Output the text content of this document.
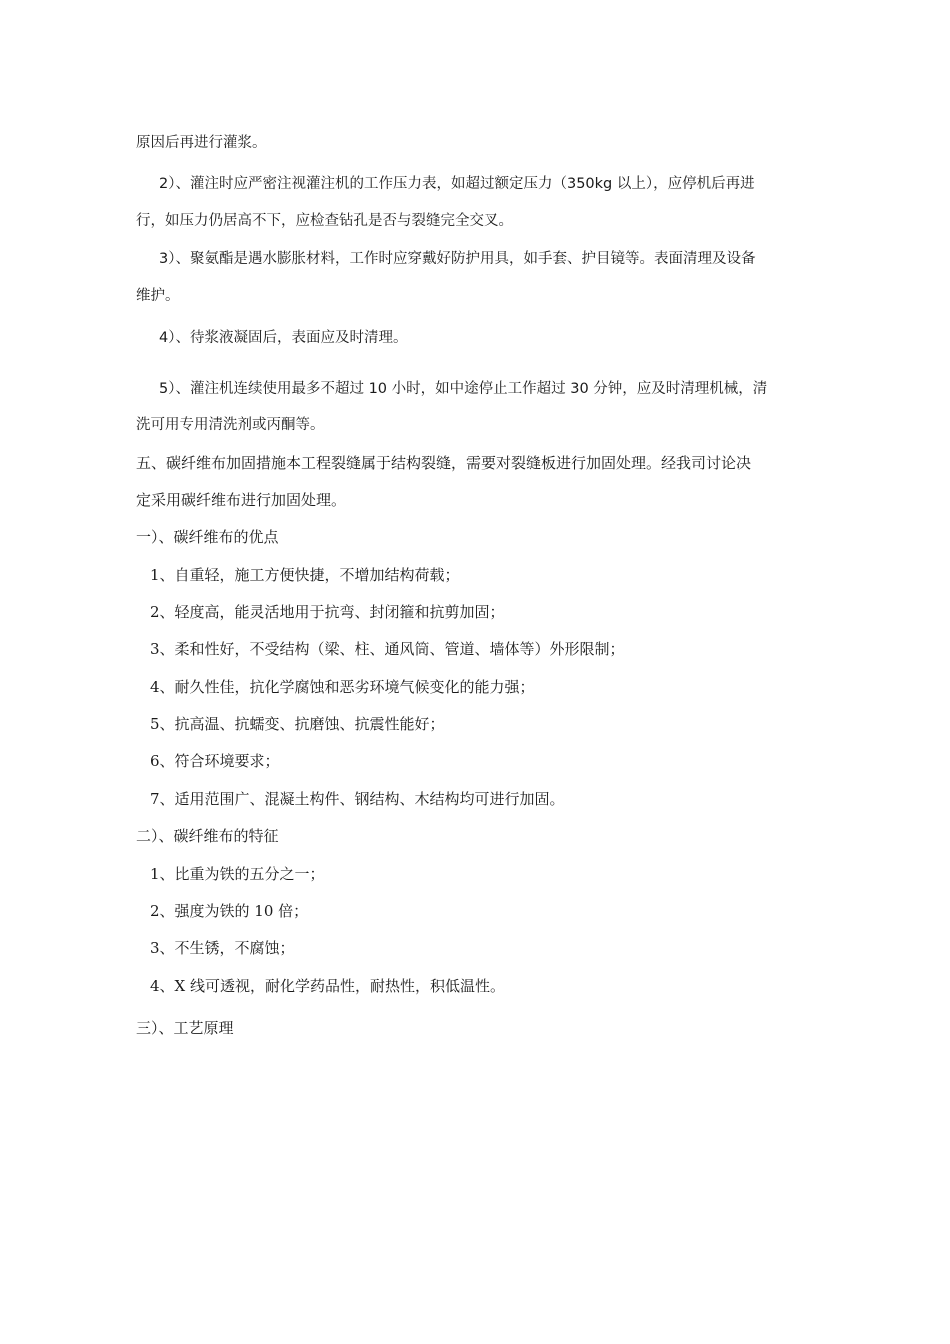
原因后再进行灌浆。

2）、灌注时应严密注视灌注机的工作压力表，如超过额定压力（350kg 以上），应停机后再进

行，如压力仍居高不下，应检查钻孔是否与裂缝完全交叉。

3）、聚氨酯是遇水膨胀材料，工作时应穿戴好防护用具，如手套、护目镜等。表面清理及设备

维护。

4）、待浆液凝固后，表面应及时清理。

5）、灌注机连续使用最多不超过 10 小时，如中途停止工作超过 30 分钟，应及时清理机械，清

洗可用专用清洗剂或丙酮等。

五、碳纤维布加固措施本工程裂缝属于结构裂缝，需要对裂缝板进行加固处理。经我司讨论决

定采用碳纤维布进行加固处理。

一）、碳纤维布的优点

1、自重轻，施工方便快捷，不增加结构荷载；

2、轻度高，能灵活地用于抗弯、封闭箍和抗剪加固；

3、柔和性好，不受结构（梁、柱、通风筒、管道、墙体等）外形限制；

4、耐久性佳，抗化学腐蚀和恶劣环境气候变化的能力强；

5、抗高温、抗蠕变、抗磨蚀、抗震性能好；

6、符合环境要求；

7、适用范围广、混凝土构件、钢结构、木结构均可进行加固。

二）、碳纤维布的特征

1、比重为铁的五分之一；

2、强度为铁的 10 倍；

3、不生锈，不腐蚀；

4、X 线可透视，耐化学药品性，耐热性，积低温性。

三）、工艺原理
